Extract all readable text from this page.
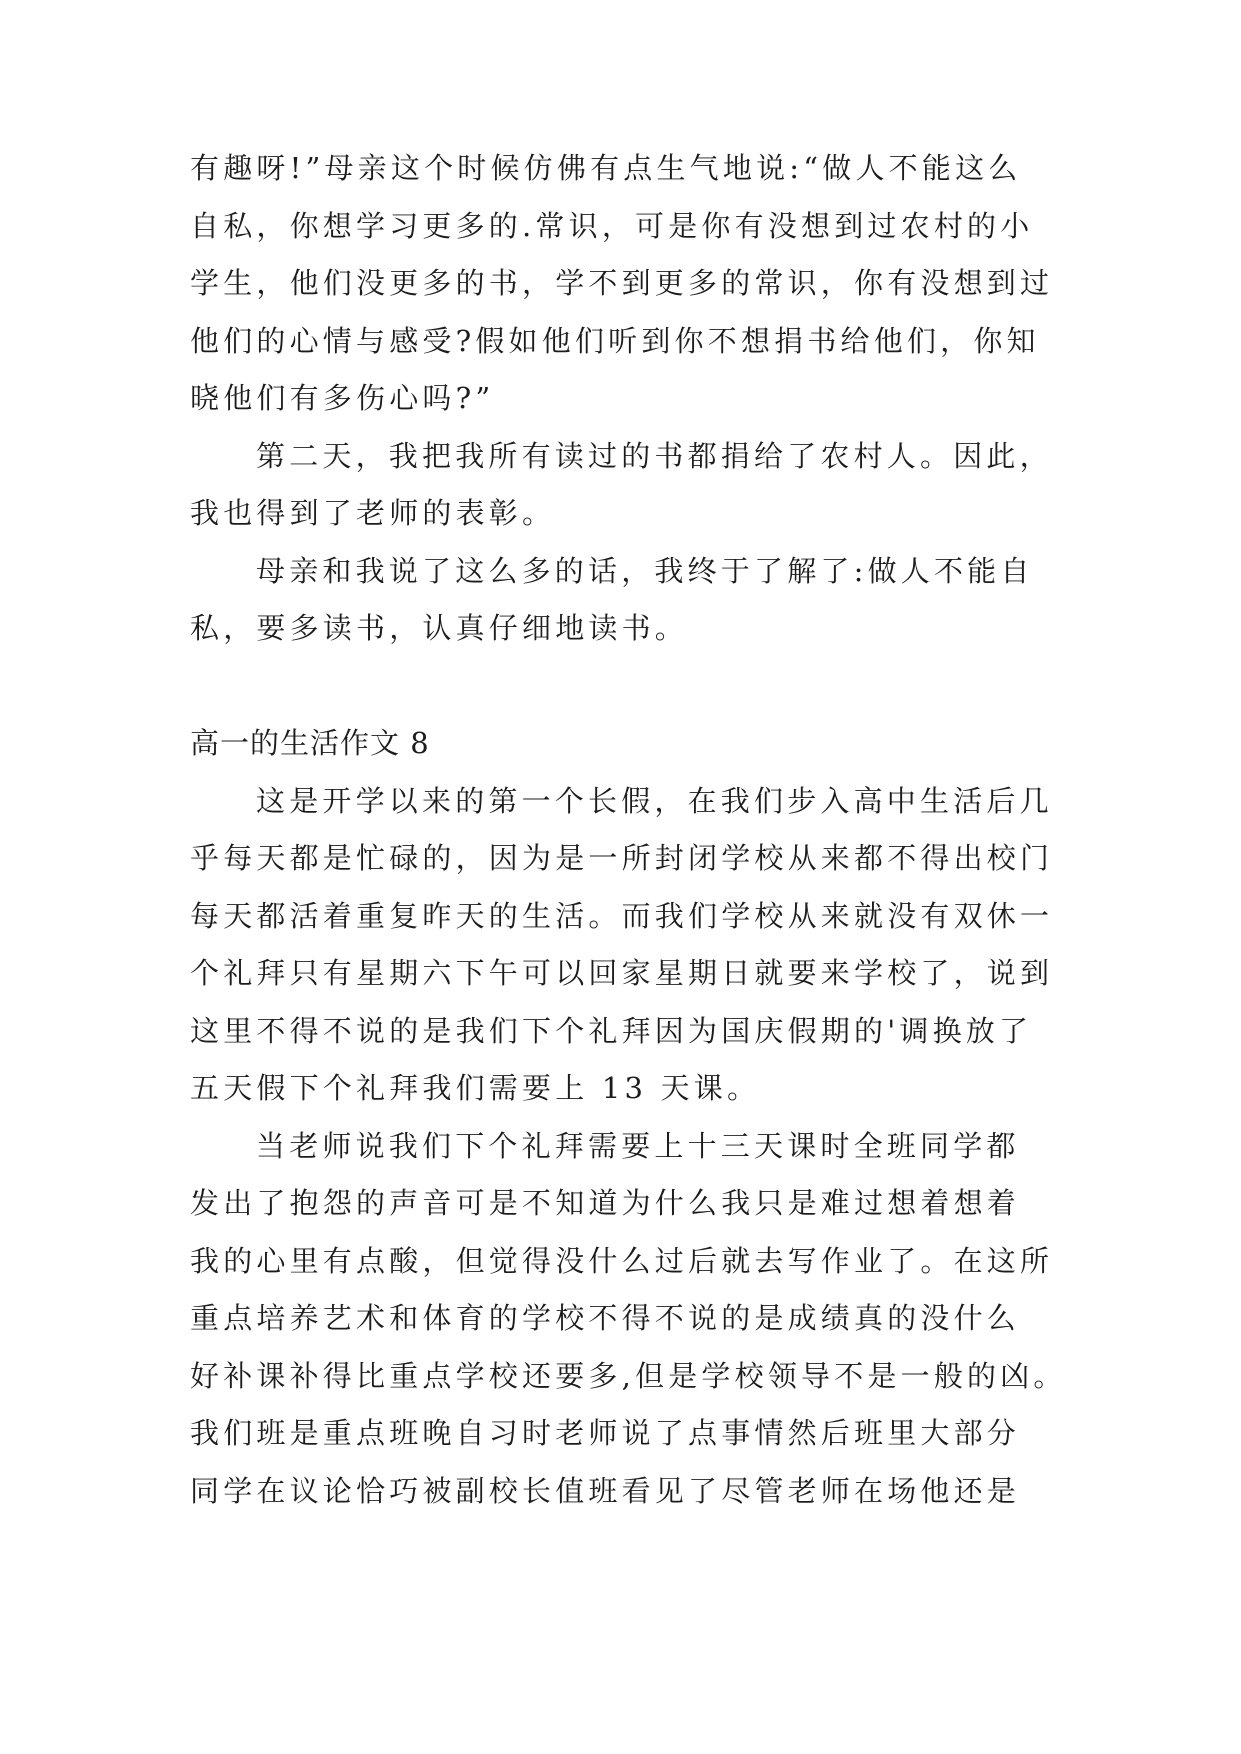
有趣呀!”母亲这个时候仿佛有点生气地说:“做人不能这么
自私，你想学习更多的.常识，可是你有没想到过农村的小
学生，他们没更多的书，学不到更多的常识，你有没想到过
他们的心情与感受?假如他们听到你不想捐书给他们，你知
晓他们有多伤心吗?”
第二天，我把我所有读过的书都捐给了农村人。因此，
我也得到了老师的表彰。
母亲和我说了这么多的话，我终于了解了:做人不能自
私，要多读书，认真仔细地读书。
高一的生活作文 8
这是开学以来的第一个长假，在我们步入高中生活后几
乎每天都是忙碌的，因为是一所封闭学校从来都不得出校门
每天都活着重复昨天的生活。而我们学校从来就没有双休一
个礼拜只有星期六下午可以回家星期日就要来学校了，说到
这里不得不说的是我们下个礼拜因为国庆假期的'调换放了
五天假下个礼拜我们需要上 13 天课。
当老师说我们下个礼拜需要上十三天课时全班同学都
发出了抱怨的声音可是不知道为什么我只是难过想着想着
我的心里有点酸，但觉得没什么过后就去写作业了。在这所
重点培养艺术和体育的学校不得不说的是成绩真的没什么
好补课补得比重点学校还要多,但是学校领导不是一般的凶。
我们班是重点班晚自习时老师说了点事情然后班里大部分
同学在议论恰巧被副校长值班看见了尽管老师在场他还是
